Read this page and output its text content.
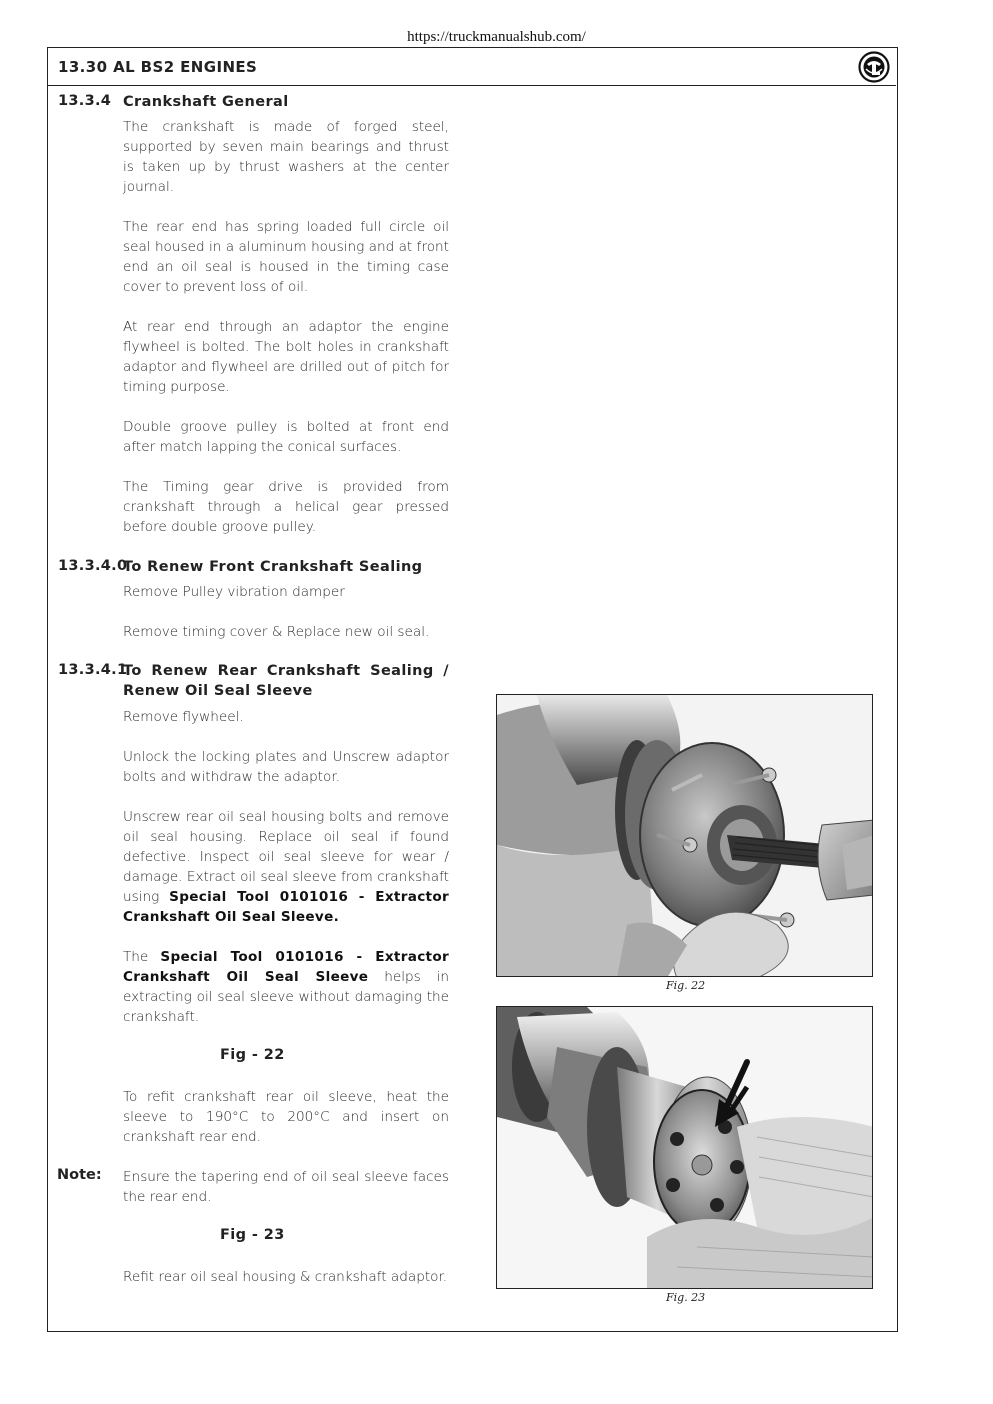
https://truckmanualshub.com/
13.30 AL BS2 ENGINES
13.3.4 Crankshaft General
The crankshaft is made of forged steel, supported by seven main bearings and thrust is taken up by thrust washers at the center journal.
The rear end has spring loaded full circle oil seal housed in a aluminum housing and at front end an oil seal is housed in the timing case cover to prevent loss of oil.
At rear end through an adaptor the engine flywheel is bolted. The bolt holes in crankshaft adaptor and flywheel are drilled out of pitch for timing purpose.
Double groove pulley is bolted at front end after match lapping the conical surfaces.
The Timing gear drive is provided from crankshaft through a helical gear pressed before double groove pulley.
13.3.4.0
To Renew Front Crankshaft Sealing
Remove Pulley vibration damper
Remove timing cover & Replace new oil seal.
13.3.4.1
To Renew Rear Crankshaft Sealing / Renew Oil Seal Sleeve
Remove flywheel.
Unlock the locking plates and Unscrew adaptor bolts and withdraw the adaptor.
Unscrew rear oil seal housing bolts and remove oil seal housing. Replace oil seal if found defective. Inspect oil seal sleeve for wear / damage. Extract oil seal sleeve from crankshaft using Special Tool 0101016 - Extractor Crankshaft Oil Seal Sleeve.
The Special Tool 0101016 - Extractor Crankshaft Oil Seal Sleeve helps in extracting oil seal sleeve without damaging the crankshaft.
Fig - 22
To refit crankshaft rear oil sleeve, heat the sleeve to 190°C to 200°C and insert on crankshaft rear end.
Note: Ensure the tapering end of oil seal sleeve faces the rear end.
Fig - 23
Refit rear oil seal housing & crankshaft adaptor.
Fig. 22
Fig. 23
